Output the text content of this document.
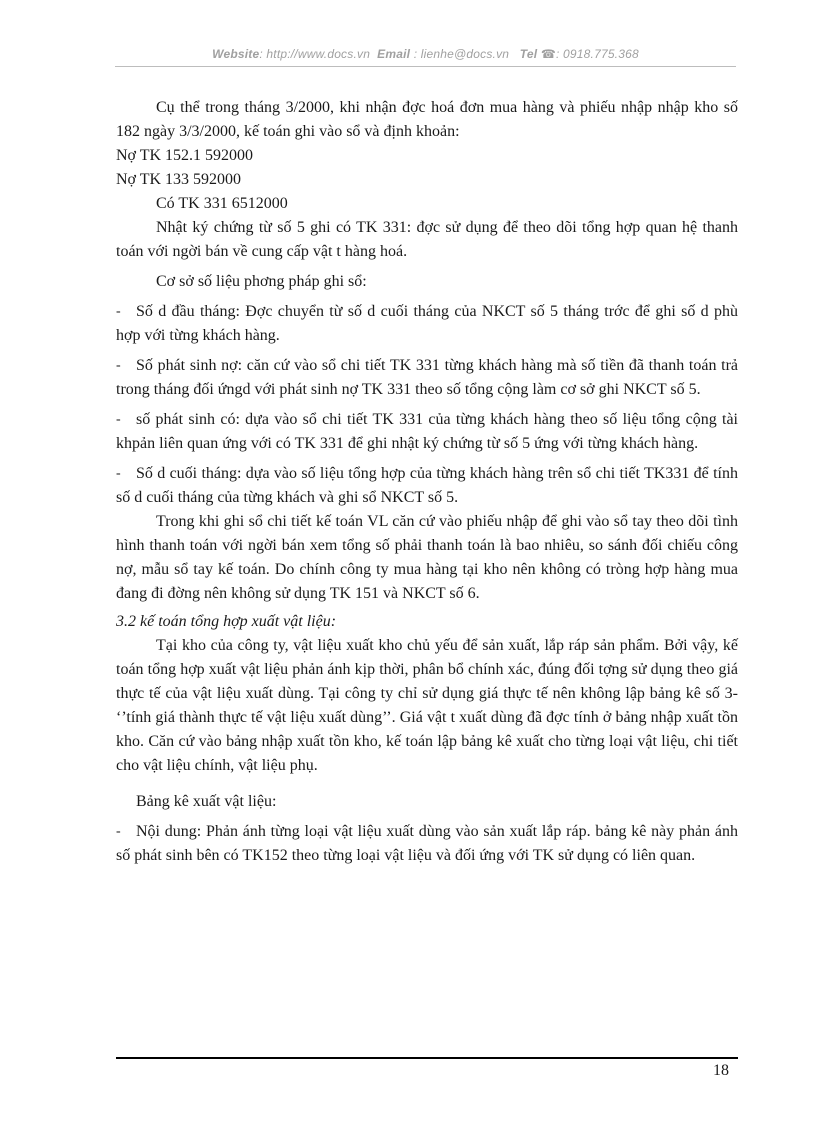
Website: http://www.docs.vn Email : lienhe@docs.vn Tel ☎: 0918.775.368

Cụ thể trong tháng 3/2000, khi nhận đợc hoá đơn mua hàng và phiếu nhập nhập kho số 182 ngày 3/3/2000, kế toán ghi vào sổ và định khoản:

Nợ TK 152.1 592000

Nợ TK 133 592000

Có TK 331 6512000

Nhật ký chứng từ số 5 ghi có TK 331: đợc sử dụng để theo dõi tổng hợp quan hệ thanh toán với ngời bán về cung cấp vật t hàng hoá.

Cơ sở số liệu phơng pháp ghi sổ:

- Số d đầu tháng: Đợc chuyển từ số d cuối tháng của NKCT số 5 tháng trớc để ghi số d phù hợp với từng khách hàng.
- Số phát sinh nợ: căn cứ vào sổ chi tiết TK 331 từng khách hàng mà số tiền đã thanh toán trả trong tháng đối ứngd với phát sinh nợ TK 331 theo số tổng cộng làm cơ sở ghi NKCT số 5.
- số phát sinh có: dựa vào sổ chi tiết TK 331 của từng khách hàng theo số liệu tổng cộng tài khpản liên quan ứng với có TK 331 để ghi nhật ký chứng từ số 5 ứng với từng khách hàng.
- Số d cuối tháng: dựa vào số liệu tổng hợp của từng khách hàng trên sổ chi tiết TK331 để tính số d cuối tháng của từng khách và ghi sổ NKCT số 5.

Trong khi ghi sổ chi tiết kế toán VL căn cứ vào phiếu nhập để ghi vào sổ tay theo dõi tình hình thanh toán với ngời bán xem tổng số phải thanh toán là bao nhiêu, so sánh đối chiếu công nợ, mẫu sổ tay kế toán. Do chính công ty mua hàng tại kho nên không có tròng hợp hàng mua đang đi đờng nên không sử dụng TK 151 và NKCT số 6.

3.2 kế toán tổng hợp xuất vật liệu:

Tại kho của công ty, vật liệu xuất kho chủ yếu để sản xuất, lắp ráp sản phẩm. Bởi vậy, kế toán tổng hợp xuất vật liệu phản ánh kịp thời, phân bổ chính xác, đúng đối tợng sử dụng theo giá thực tế của vật liệu xuất dùng. Tại công ty chỉ sử dụng giá thực tế nên không lập bảng kê số 3- ‘’tính giá thành thực tế vật liệu xuất dùng’’. Giá vật t xuất dùng đã đợc tính ở bảng nhập xuất tồn kho. Căn cứ vào bảng nhập xuất tồn kho, kế toán lập bảng kê xuất cho từng loại vật liệu, chi tiết cho vật liệu chính, vật liệu phụ.

Bảng kê xuất vật liệu:

- Nội dung: Phản ánh từng loại vật liệu xuất dùng vào sản xuất lắp ráp. bảng kê này phản ánh số phát sinh bên có TK152 theo từng loại vật liệu và đối ứng với TK sử dụng có liên quan.
18
